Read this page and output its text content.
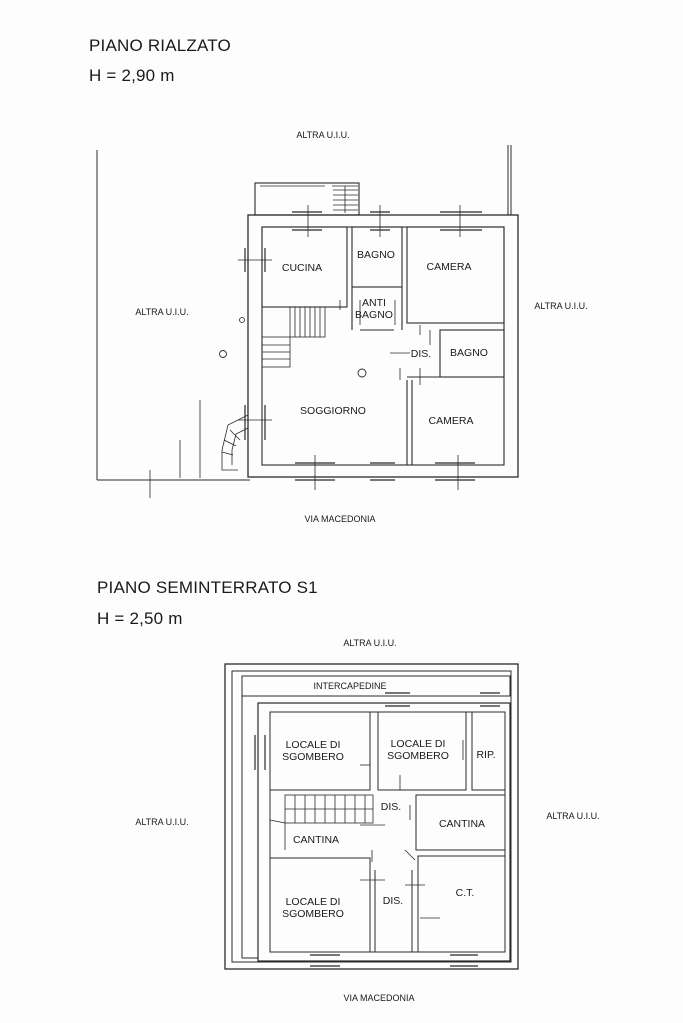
PIANO RIALZATO
H = 2,90 m
ALTRA U.I.U.
ALTRA U.I.U.
ALTRA U.I.U.
VIA MACEDONIA
CUCINA
BAGNO
ANTI
BAGNO
CAMERA
DIS. BAGNO
SOGGIORNO
CAMERA
PIANO SEMINTERRATO S1
H = 2,50 m
ALTRA U.I.U.
ALTRA U.I.U.
ALTRA U.I.U.
VIA MACEDONIA
INTERCAPEDINE
LOCALE DI
SGOMBERO
LOCALE DI
SGOMBERO	RIP.
DIS.
CANTINA
CANTINA
LOCALE DI
SGOMBERO
DIS.
C.T.
